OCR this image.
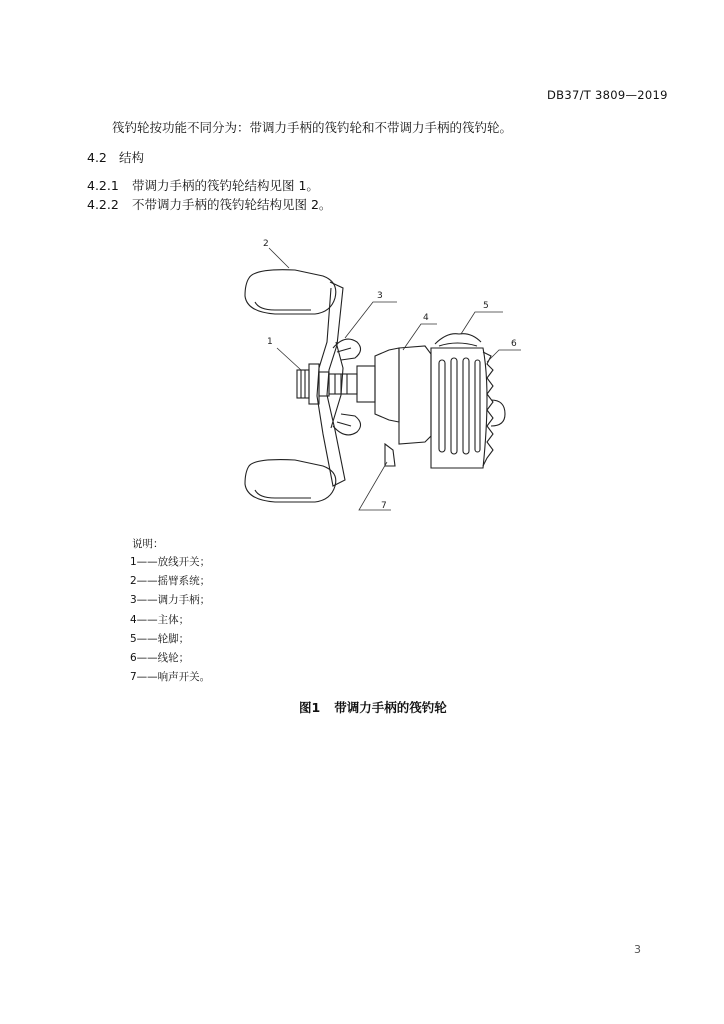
DB37/T 3809—2019
筏钓轮按功能不同分为：带调力手柄的筏钓轮和不带调力手柄的筏钓轮。
4.2 结构
4.2.1 带调力手柄的筏钓轮结构见图 1。
4.2.2 不带调力手柄的筏钓轮结构见图 2。
1
2
3
4
5
6
7
说明：
1——放线开关；
2——摇臂系统；
3——调力手柄；
4——主体；
5——轮脚；
6——线轮；
7——响声开关。
图1 带调力手柄的筏钓轮
3
